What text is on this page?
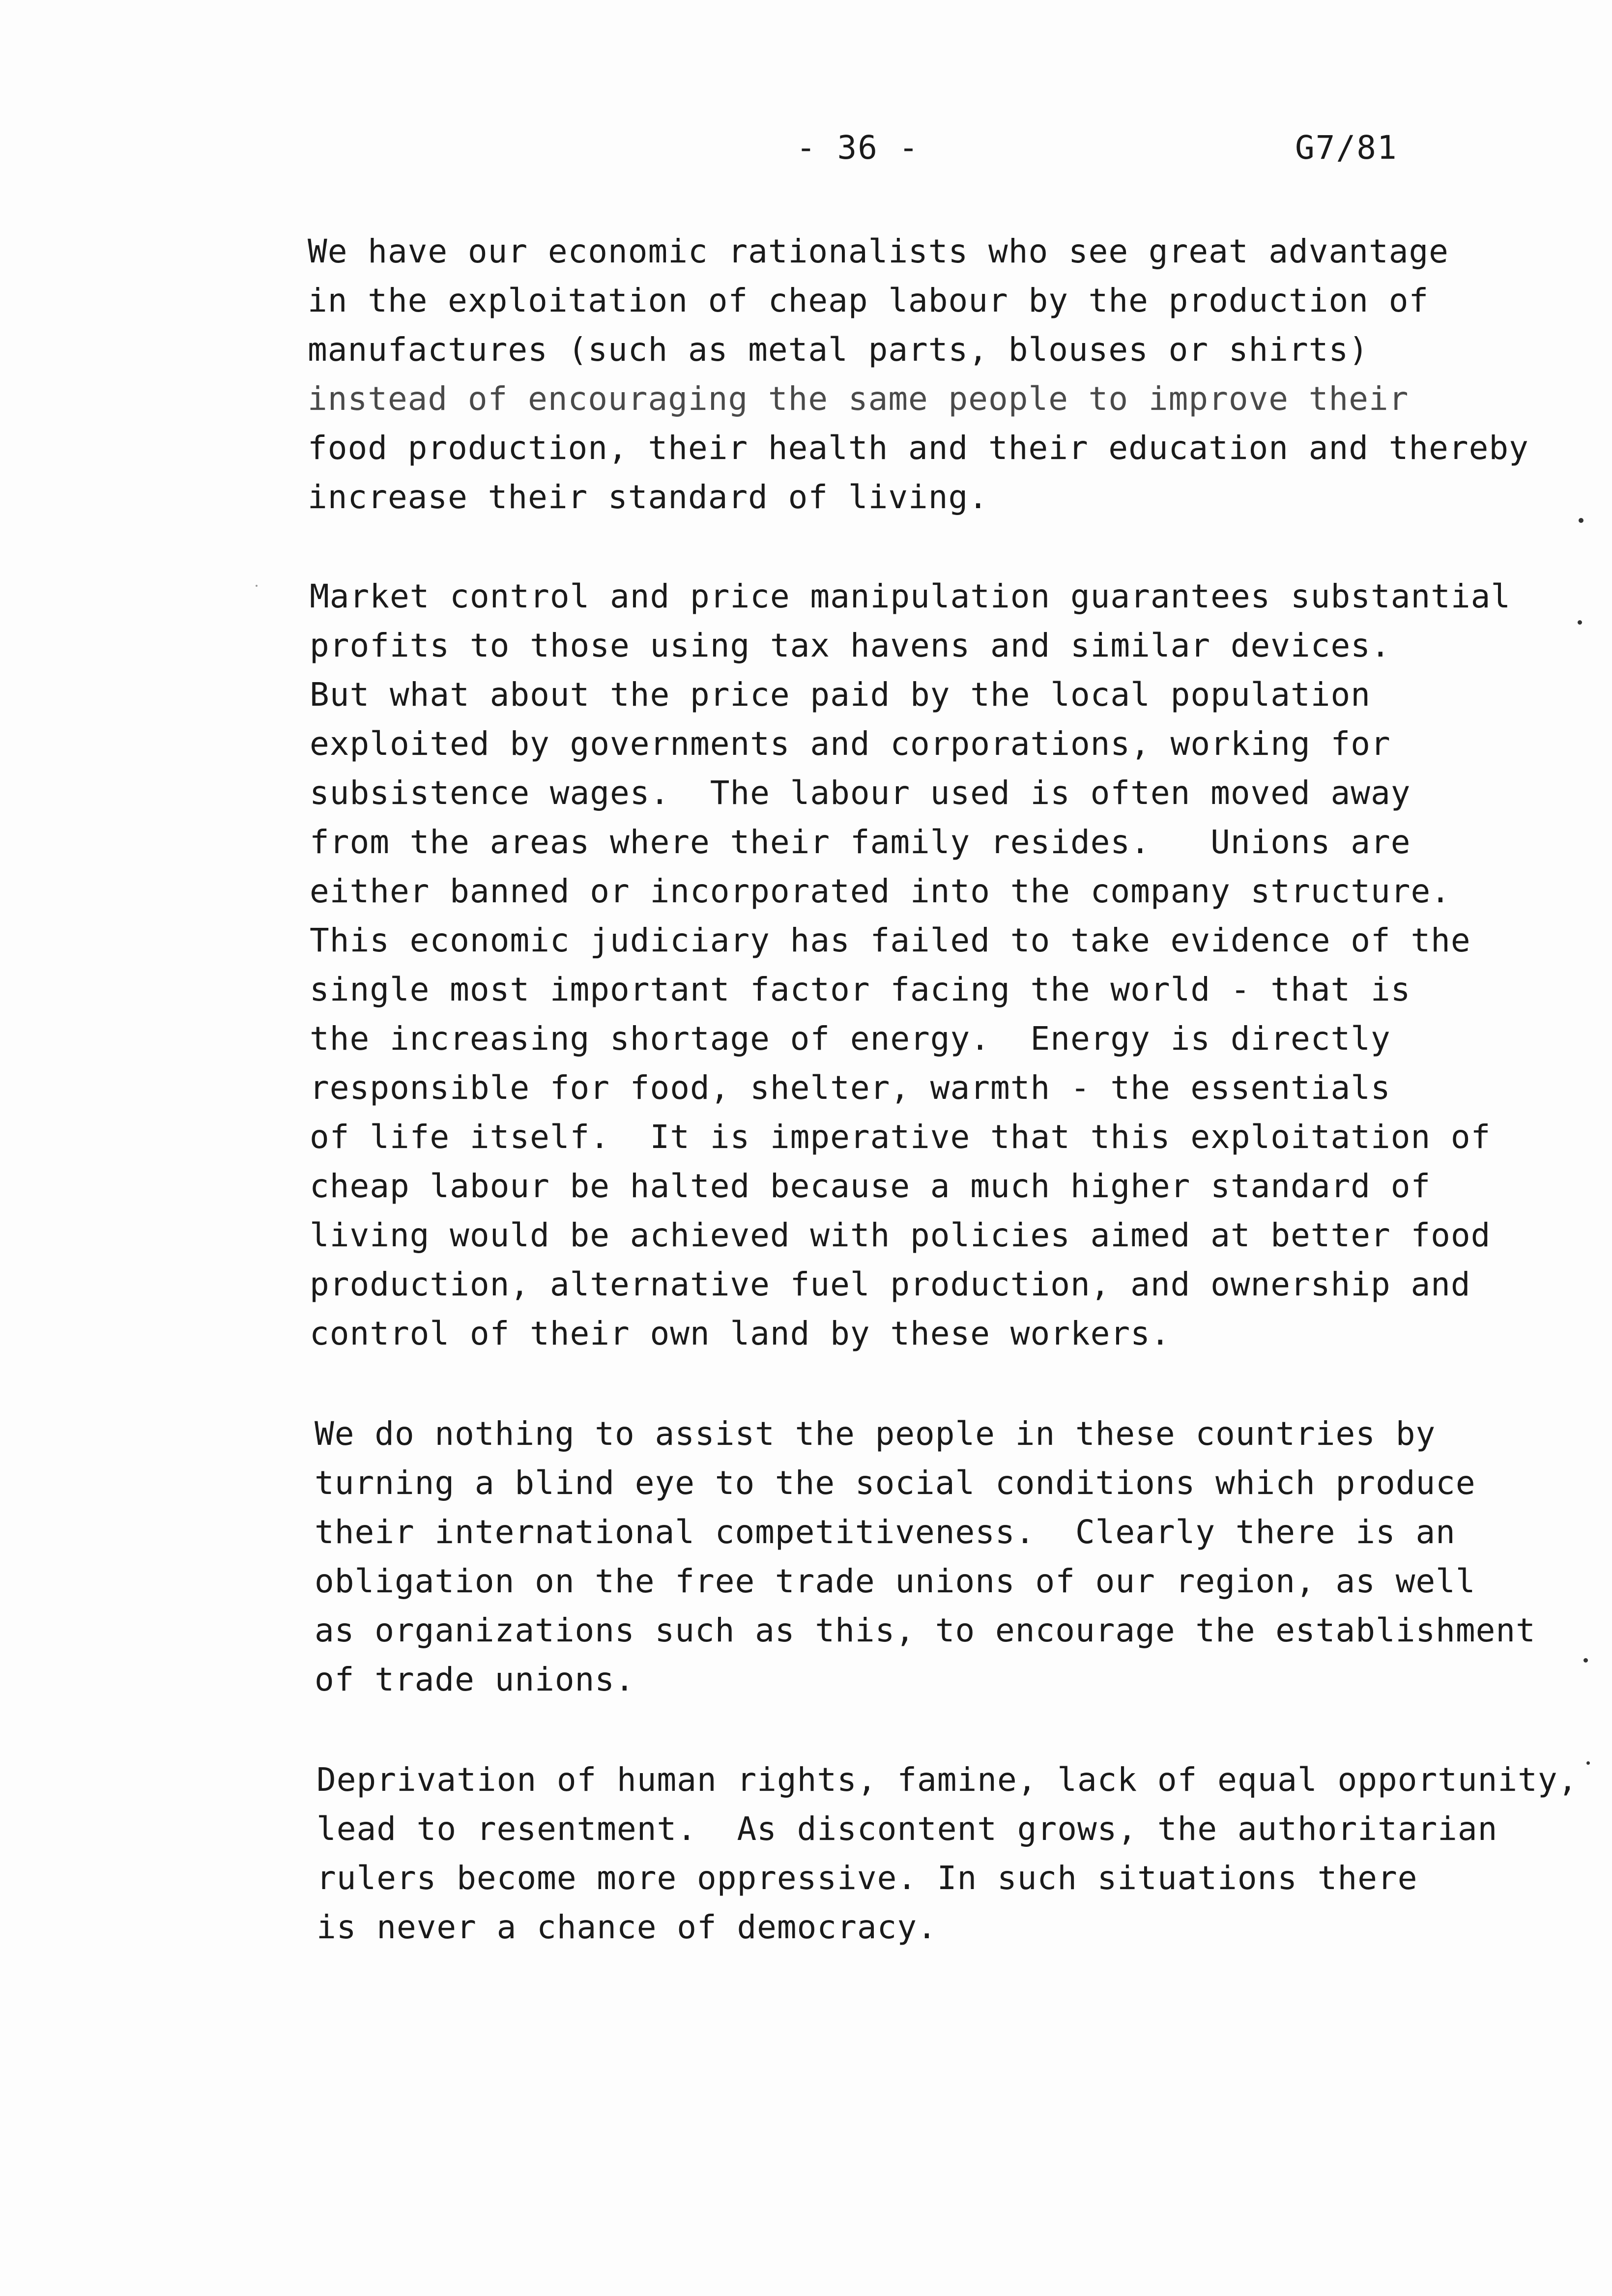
- 36 -	G7/81
We have our economic rationalists who see great advantage
in the exploitation of cheap labour by the production of
manufactures (such as metal parts, blouses or shirts)
instead of encouraging the same people to improve their
food production, their health and their education and thereby
increase their standard of living.
Market control and price manipulation guarantees substantial
profits to those using tax havens and similar devices.
But what about the price paid by the local population
exploited by governments and corporations, working for
subsistence wages.  The labour used is often moved away
from the areas where their family resides.   Unions are
either banned or incorporated into the company structure.
This economic judiciary has failed to take evidence of the
single most important factor facing the world - that is
the increasing shortage of energy.  Energy is directly
responsible for food, shelter, warmth - the essentials
of life itself.  It is imperative that this exploitation of
cheap labour be halted because a much higher standard of
living would be achieved with policies aimed at better food
production, alternative fuel production, and ownership and
control of their own land by these workers.
We do nothing to assist the people in these countries by
turning a blind eye to the social conditions which produce
their international competitiveness.  Clearly there is an
obligation on the free trade unions of our region, as well
as organizations such as this, to encourage the establishment
of trade unions.
Deprivation of human rights, famine, lack of equal opportunity,
lead to resentment.  As discontent grows, the authoritarian
rulers become more oppressive. In such situations there
is never a chance of democracy.
